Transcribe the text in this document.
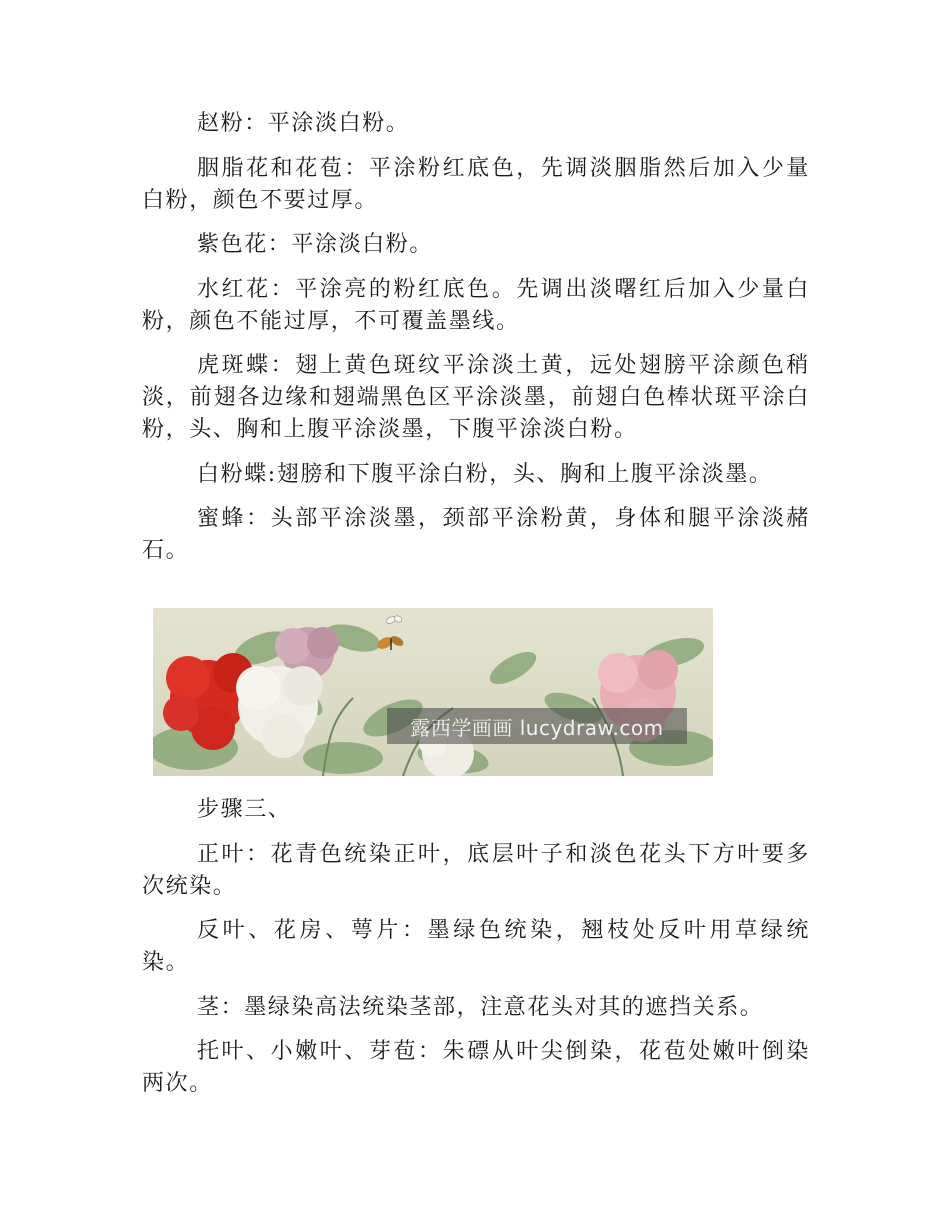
赵粉：平涂淡白粉。

胭脂花和花苞：平涂粉红底色，先调淡胭脂然后加入少量白粉，颜色不要过厚。

紫色花：平涂淡白粉。

水红花：平涂亮的粉红底色。先调出淡曙红后加入少量白粉，颜色不能过厚，不可覆盖墨线。

虎斑蝶：翅上黄色斑纹平涂淡土黄，远处翅膀平涂颜色稍淡，前翅各边缘和翅端黑色区平涂淡墨，前翅白色棒状斑平涂白粉，头、胸和上腹平涂淡墨，下腹平涂淡白粉。

白粉蝶:翅膀和下腹平涂白粉，头、胸和上腹平涂淡墨。

蜜蜂：头部平涂淡墨，颈部平涂粉黄，身体和腿平涂淡赭石。

露西学画画 lucydraw.com

步骤三、

正叶：花青色统染正叶，底层叶子和淡色花头下方叶要多次统染。

反叶、花房、萼片：墨绿色统染，翘枝处反叶用草绿统染。

茎：墨绿染高法统染茎部，注意花头对其的遮挡关系。

托叶、小嫩叶、芽苞：朱磦从叶尖倒染，花苞处嫩叶倒染两次。
